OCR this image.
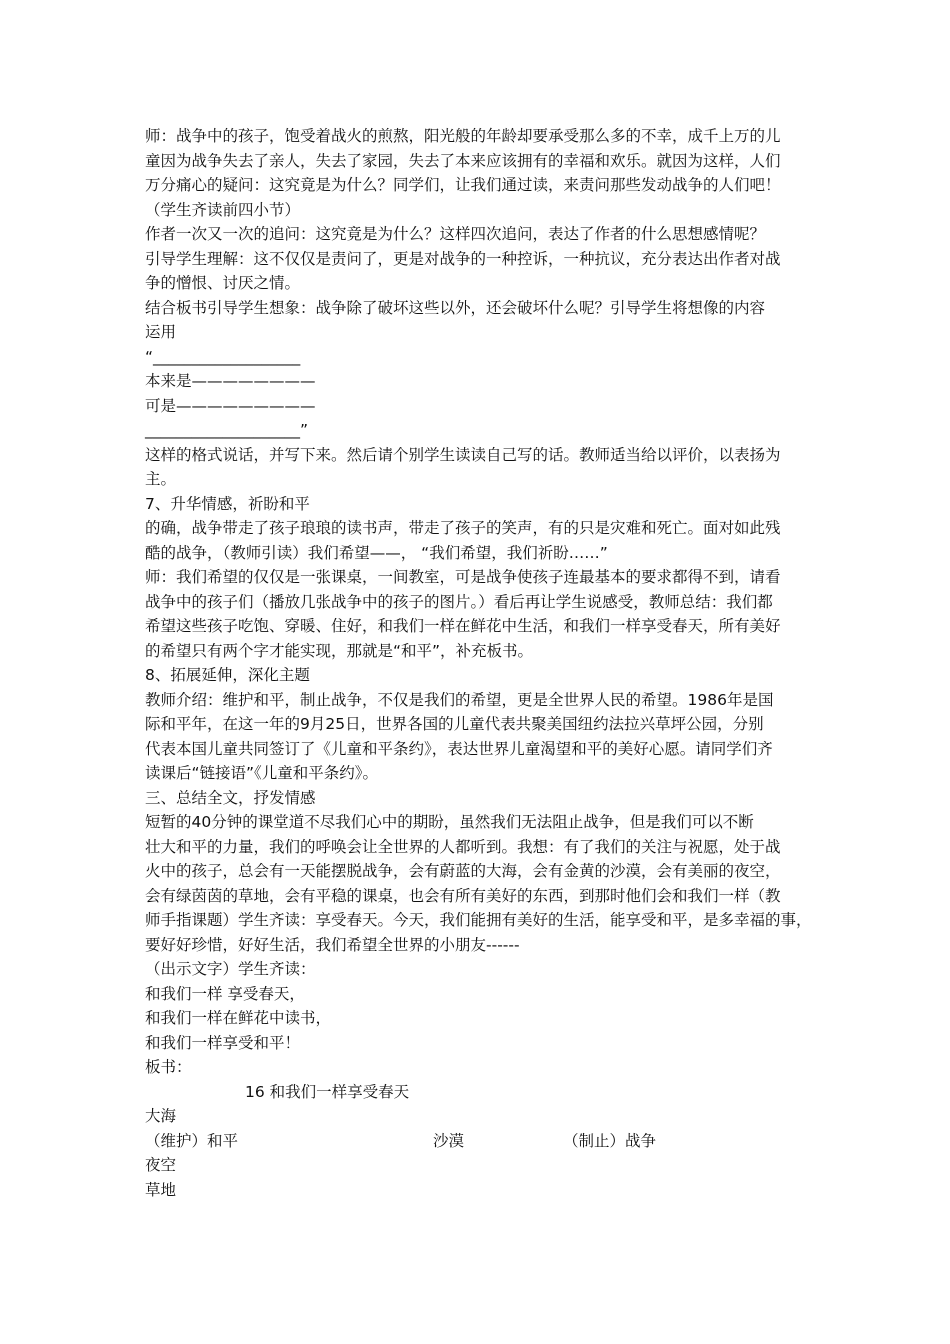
师：战争中的孩子，饱受着战火的煎熬，阳光般的年龄却要承受那么多的不幸，成千上万的儿
童因为战争失去了亲人，失去了家园，失去了本来应该拥有的幸福和欢乐。就因为这样，人们
万分痛心的疑问：这究竟是为什么？同学们，让我们通过读，来责问那些发动战争的人们吧！
（学生齐读前四小节）
作者一次又一次的追问：这究竟是为什么？这样四次追问，表达了作者的什么思想感情呢？
引导学生理解：这不仅仅是责问了，更是对战争的一种控诉，一种抗议，充分表达出作者对战
争的憎恨、讨厌之情。
结合板书引导学生想象：战争除了破坏这些以外，还会破坏什么呢？引导学生将想像的内容
运用
“___________________
本来是————————
可是—————————
____________________”
这样的格式说话，并写下来。然后请个别学生读读自己写的话。教师适当给以评价，以表扬为
主。
7、升华情感，祈盼和平
的确，战争带走了孩子琅琅的读书声，带走了孩子的笑声，有的只是灾难和死亡。面对如此残
酷的战争，（教师引读）我们希望——， “我们希望，我们祈盼……”
师：我们希望的仅仅是一张课桌，一间教室，可是战争使孩子连最基本的要求都得不到，请看
战争中的孩子们（播放几张战争中的孩子的图片。）看后再让学生说感受，教师总结：我们都
希望这些孩子吃饱、穿暖、住好，和我们一样在鲜花中生活，和我们一样享受春天，所有美好
的希望只有两个字才能实现，那就是“和平”，补充板书。
8、拓展延伸，深化主题
教师介绍：维护和平，制止战争，不仅是我们的希望，更是全世界人民的希望。1986年是国
际和平年，在这一年的9月25日，世界各国的儿童代表共聚美国纽约法拉兴草坪公园，分别
代表本国儿童共同签订了《儿童和平条约》，表达世界儿童渴望和平的美好心愿。请同学们齐
读课后“链接语”《儿童和平条约》。
三、总结全文，抒发情感
短暂的40分钟的课堂道不尽我们心中的期盼，虽然我们无法阻止战争，但是我们可以不断
壮大和平的力量，我们的呼唤会让全世界的人都听到。我想：有了我们的关注与祝愿，处于战
火中的孩子，总会有一天能摆脱战争，会有蔚蓝的大海，会有金黄的沙漠，会有美丽的夜空，
会有绿茵茵的草地，会有平稳的课桌，也会有所有美好的东西，到那时他们会和我们一样（教
师手指课题）学生齐读：享受春天。今天，我们能拥有美好的生活，能享受和平，是多幸福的事，
要好好珍惜，好好生活，我们希望全世界的小朋友------
（出示文字）学生齐读：
和我们一样 享受春天，
和我们一样在鲜花中读书，
和我们一样享受和平！
板书：
16 和我们一样享受春天
大海
（维护）和平	沙漠	（制止）战争
夜空
草地
